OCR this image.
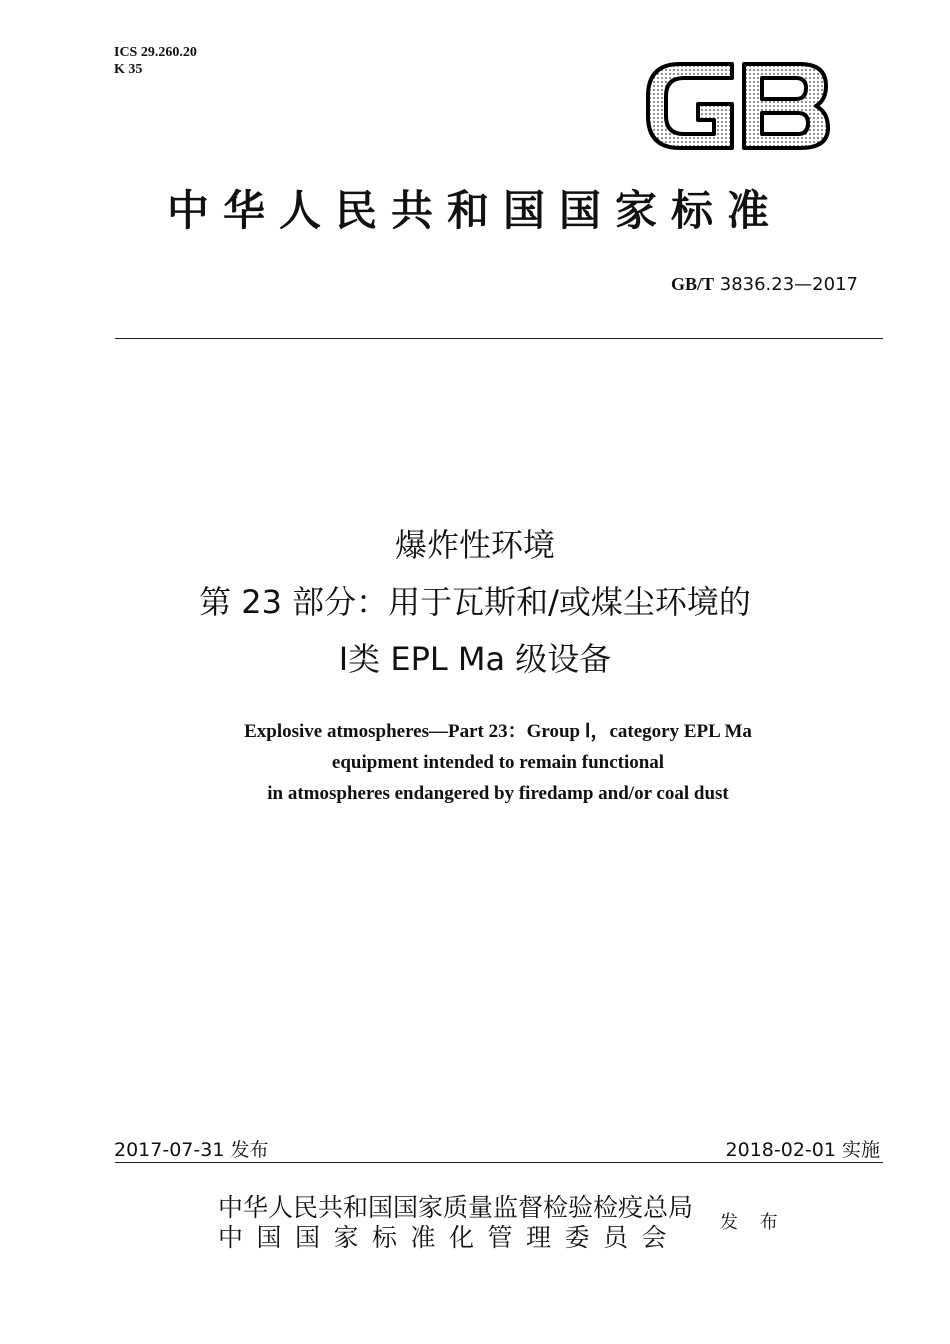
ICS 29.260.20
K 35
中华人民共和国国家标准
GB/T 3836.23—2017
爆炸性环境
第 23 部分：用于瓦斯和/或煤尘环境的
Ⅰ类 EPL Ma 级设备
Explosive atmospheres—Part 23：Group Ⅰ，category EPL Ma
equipment intended to remain functional
in atmospheres endangered by firedamp and/or coal dust
2017-07-31 发布	2018-02-01 实施
中华人民共和国国家质量监督检验检疫总局
中国国家标准化管理委员会
发 布
